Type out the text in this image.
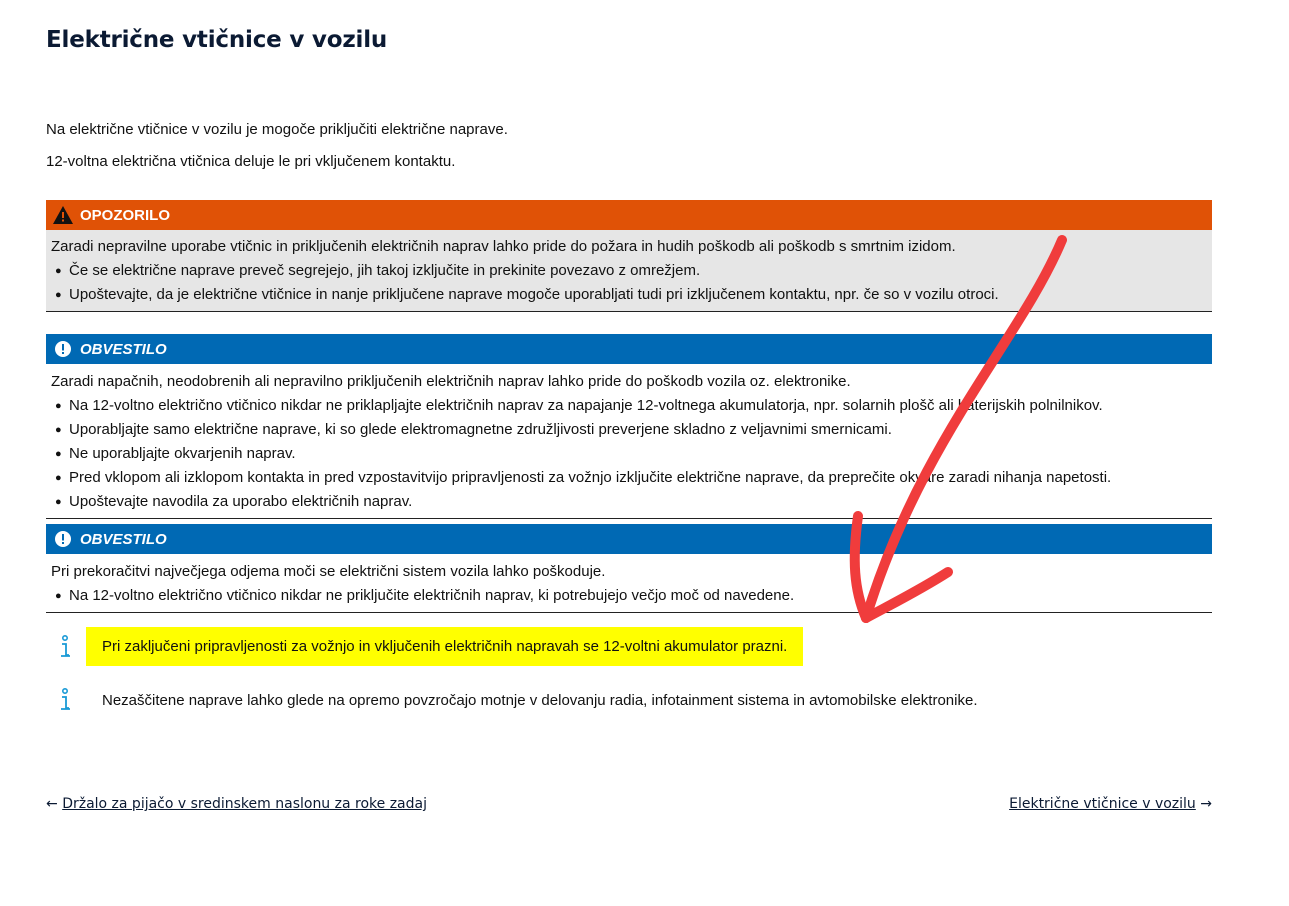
Električne vtičnice v vozilu
Na električne vtičnice v vozilu je mogoče priključiti električne naprave.
12-voltna električna vtičnica deluje le pri vključenem kontaktu.
OPOZORILO
Zaradi nepravilne uporabe vtičnic in priključenih električnih naprav lahko pride do požara in hudih poškodb ali poškodb s smrtnim izidom.
● Če se električne naprave preveč segrejejo, jih takoj izključite in prekinite povezavo z omrežjem.
● Upoštevajte, da je električne vtičnice in nanje priključene naprave mogoče uporabljati tudi pri izključenem kontaktu, npr. če so v vozilu otroci.
OBVESTILO
Zaradi napačnih, neodobrenih ali nepravilno priključenih električnih naprav lahko pride do poškodb vozila oz. elektronike.
● Na 12-voltno električno vtičnico nikdar ne priklapljajte električnih naprav za napajanje 12-voltnega akumulatorja, npr. solarnih plošč ali baterijskih polnilnikov.
● Uporabljajte samo električne naprave, ki so glede elektromagnetne združljivosti preverjene skladno z veljavnimi smernicami.
● Ne uporabljajte okvarjenih naprav.
● Pred vklopom ali izklopom kontakta in pred vzpostavitvijo pripravljenosti za vožnjo izključite električne naprave, da preprečite okvare zaradi nihanja napetosti.
● Upoštevajte navodila za uporabo električnih naprav.
OBVESTILO
Pri prekoračitvi največjega odjema moči se električni sistem vozila lahko poškoduje.
● Na 12-voltno električno vtičnico nikdar ne priključite električnih naprav, ki potrebujejo večjo moč od navedene.
Pri zaključeni pripravljenosti za vožnjo in vključenih električnih napravah se 12-voltni akumulator prazni.
Nezaščitene naprave lahko glede na opremo povzročajo motnje v delovanju radia, infotainment sistema in avtomobilske elektronike.
← Držalo za pijačo v sredinskem naslonu za roke zadaj	Električne vtičnice v vozilu →
